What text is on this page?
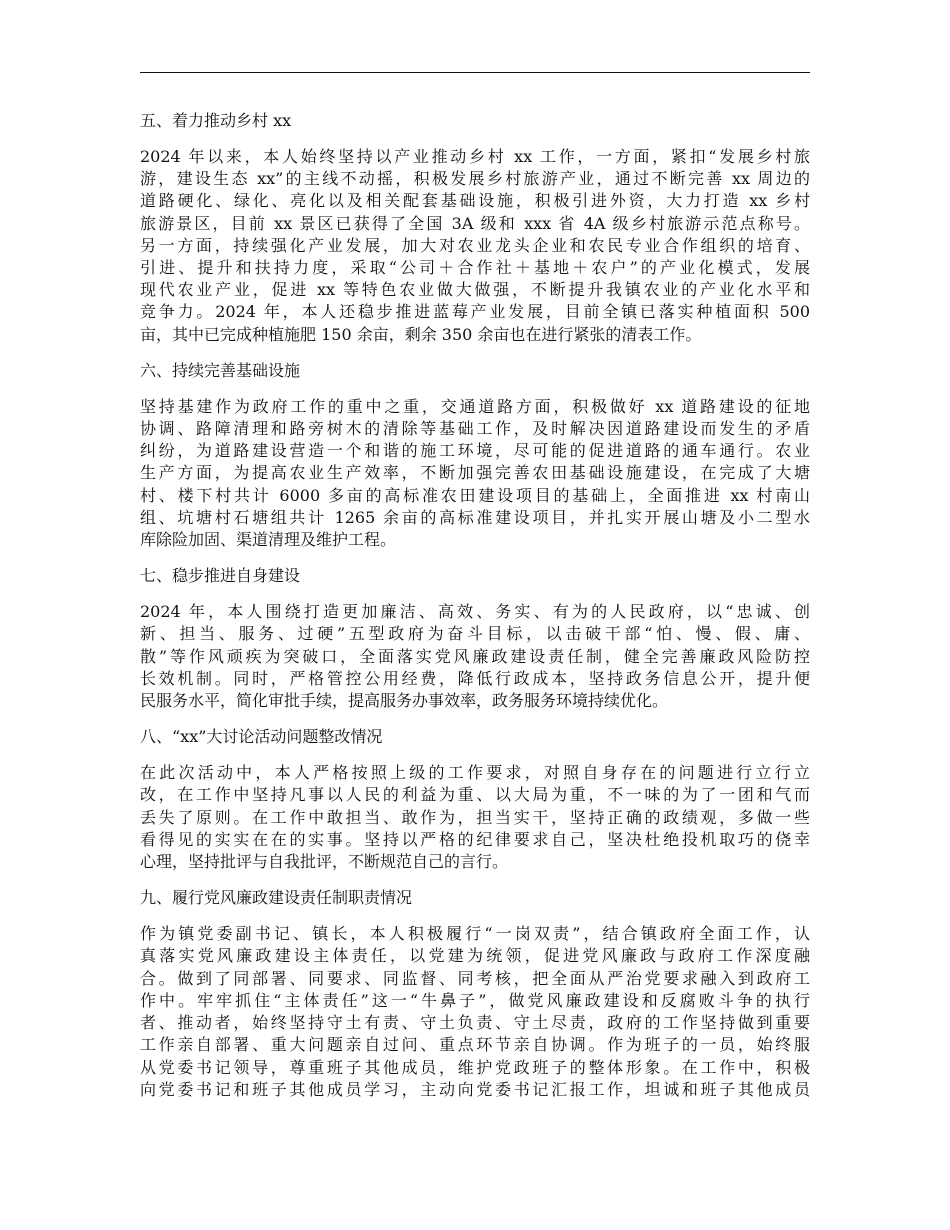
五、着力推动乡村 xx
2024 年以来，本人始终坚持以产业推动乡村 xx 工作，一方面，紧扣“发展乡村旅
游，建设生态 xx”的主线不动摇，积极发展乡村旅游产业，通过不断完善 xx 周边的
道路硬化、绿化、亮化以及相关配套基础设施，积极引进外资，大力打造 xx 乡村
旅游景区，目前 xx 景区已获得了全国 3A 级和 xxx 省 4A 级乡村旅游示范点称号。
另一方面，持续强化产业发展，加大对农业龙头企业和农民专业合作组织的培育、
引进、提升和扶持力度，采取“公司＋合作社＋基地＋农户”的产业化模式，发展
现代农业产业，促进 xx 等特色农业做大做强，不断提升我镇农业的产业化水平和
竞争力。2024 年，本人还稳步推进蓝莓产业发展，目前全镇已落实种植面积 500
亩，其中已完成种植施肥 150 余亩，剩余 350 余亩也在进行紧张的清表工作。
六、持续完善基础设施
坚持基建作为政府工作的重中之重，交通道路方面，积极做好 xx 道路建设的征地
协调、路障清理和路旁树木的清除等基础工作，及时解决因道路建设而发生的矛盾
纠纷，为道路建设营造一个和谐的施工环境，尽可能的促进道路的通车通行。农业
生产方面，为提高农业生产效率，不断加强完善农田基础设施建设，在完成了大塘
村、楼下村共计 6000 多亩的高标准农田建设项目的基础上，全面推进 xx 村南山
组、坑塘村石塘组共计 1265 余亩的高标准建设项目，并扎实开展山塘及小二型水
库除险加固、渠道清理及维护工程。
七、稳步推进自身建设
2024 年，本人围绕打造更加廉洁、高效、务实、有为的人民政府，以“忠诚、创
新、担当、服务、过硬”五型政府为奋斗目标，以击破干部“怕、慢、假、庸、
散”等作风顽疾为突破口，全面落实党风廉政建设责任制，健全完善廉政风险防控
长效机制。同时，严格管控公用经费，降低行政成本，坚持政务信息公开，提升便
民服务水平，简化审批手续，提高服务办事效率，政务服务环境持续优化。
八、“xx”大讨论活动问题整改情况
在此次活动中，本人严格按照上级的工作要求，对照自身存在的问题进行立行立
改，在工作中坚持凡事以人民的利益为重、以大局为重，不一味的为了一团和气而
丢失了原则。在工作中敢担当、敢作为，担当实干，坚持正确的政绩观，多做一些
看得见的实实在在的实事。坚持以严格的纪律要求自己，坚决杜绝投机取巧的侥幸
心理，坚持批评与自我批评，不断规范自己的言行。
九、履行党风廉政建设责任制职责情况
作为镇党委副书记、镇长，本人积极履行“一岗双责”，结合镇政府全面工作，认
真落实党风廉政建设主体责任，以党建为统领，促进党风廉政与政府工作深度融
合。做到了同部署、同要求、同监督、同考核，把全面从严治党要求融入到政府工
作中。牢牢抓住“主体责任”这一“牛鼻子”，做党风廉政建设和反腐败斗争的执行
者、推动者，始终坚持守土有责、守土负责、守土尽责，政府的工作坚持做到重要
工作亲自部署、重大问题亲自过问、重点环节亲自协调。作为班子的一员，始终服
从党委书记领导，尊重班子其他成员，维护党政班子的整体形象。在工作中，积极
向党委书记和班子其他成员学习，主动向党委书记汇报工作，坦诚和班子其他成员
